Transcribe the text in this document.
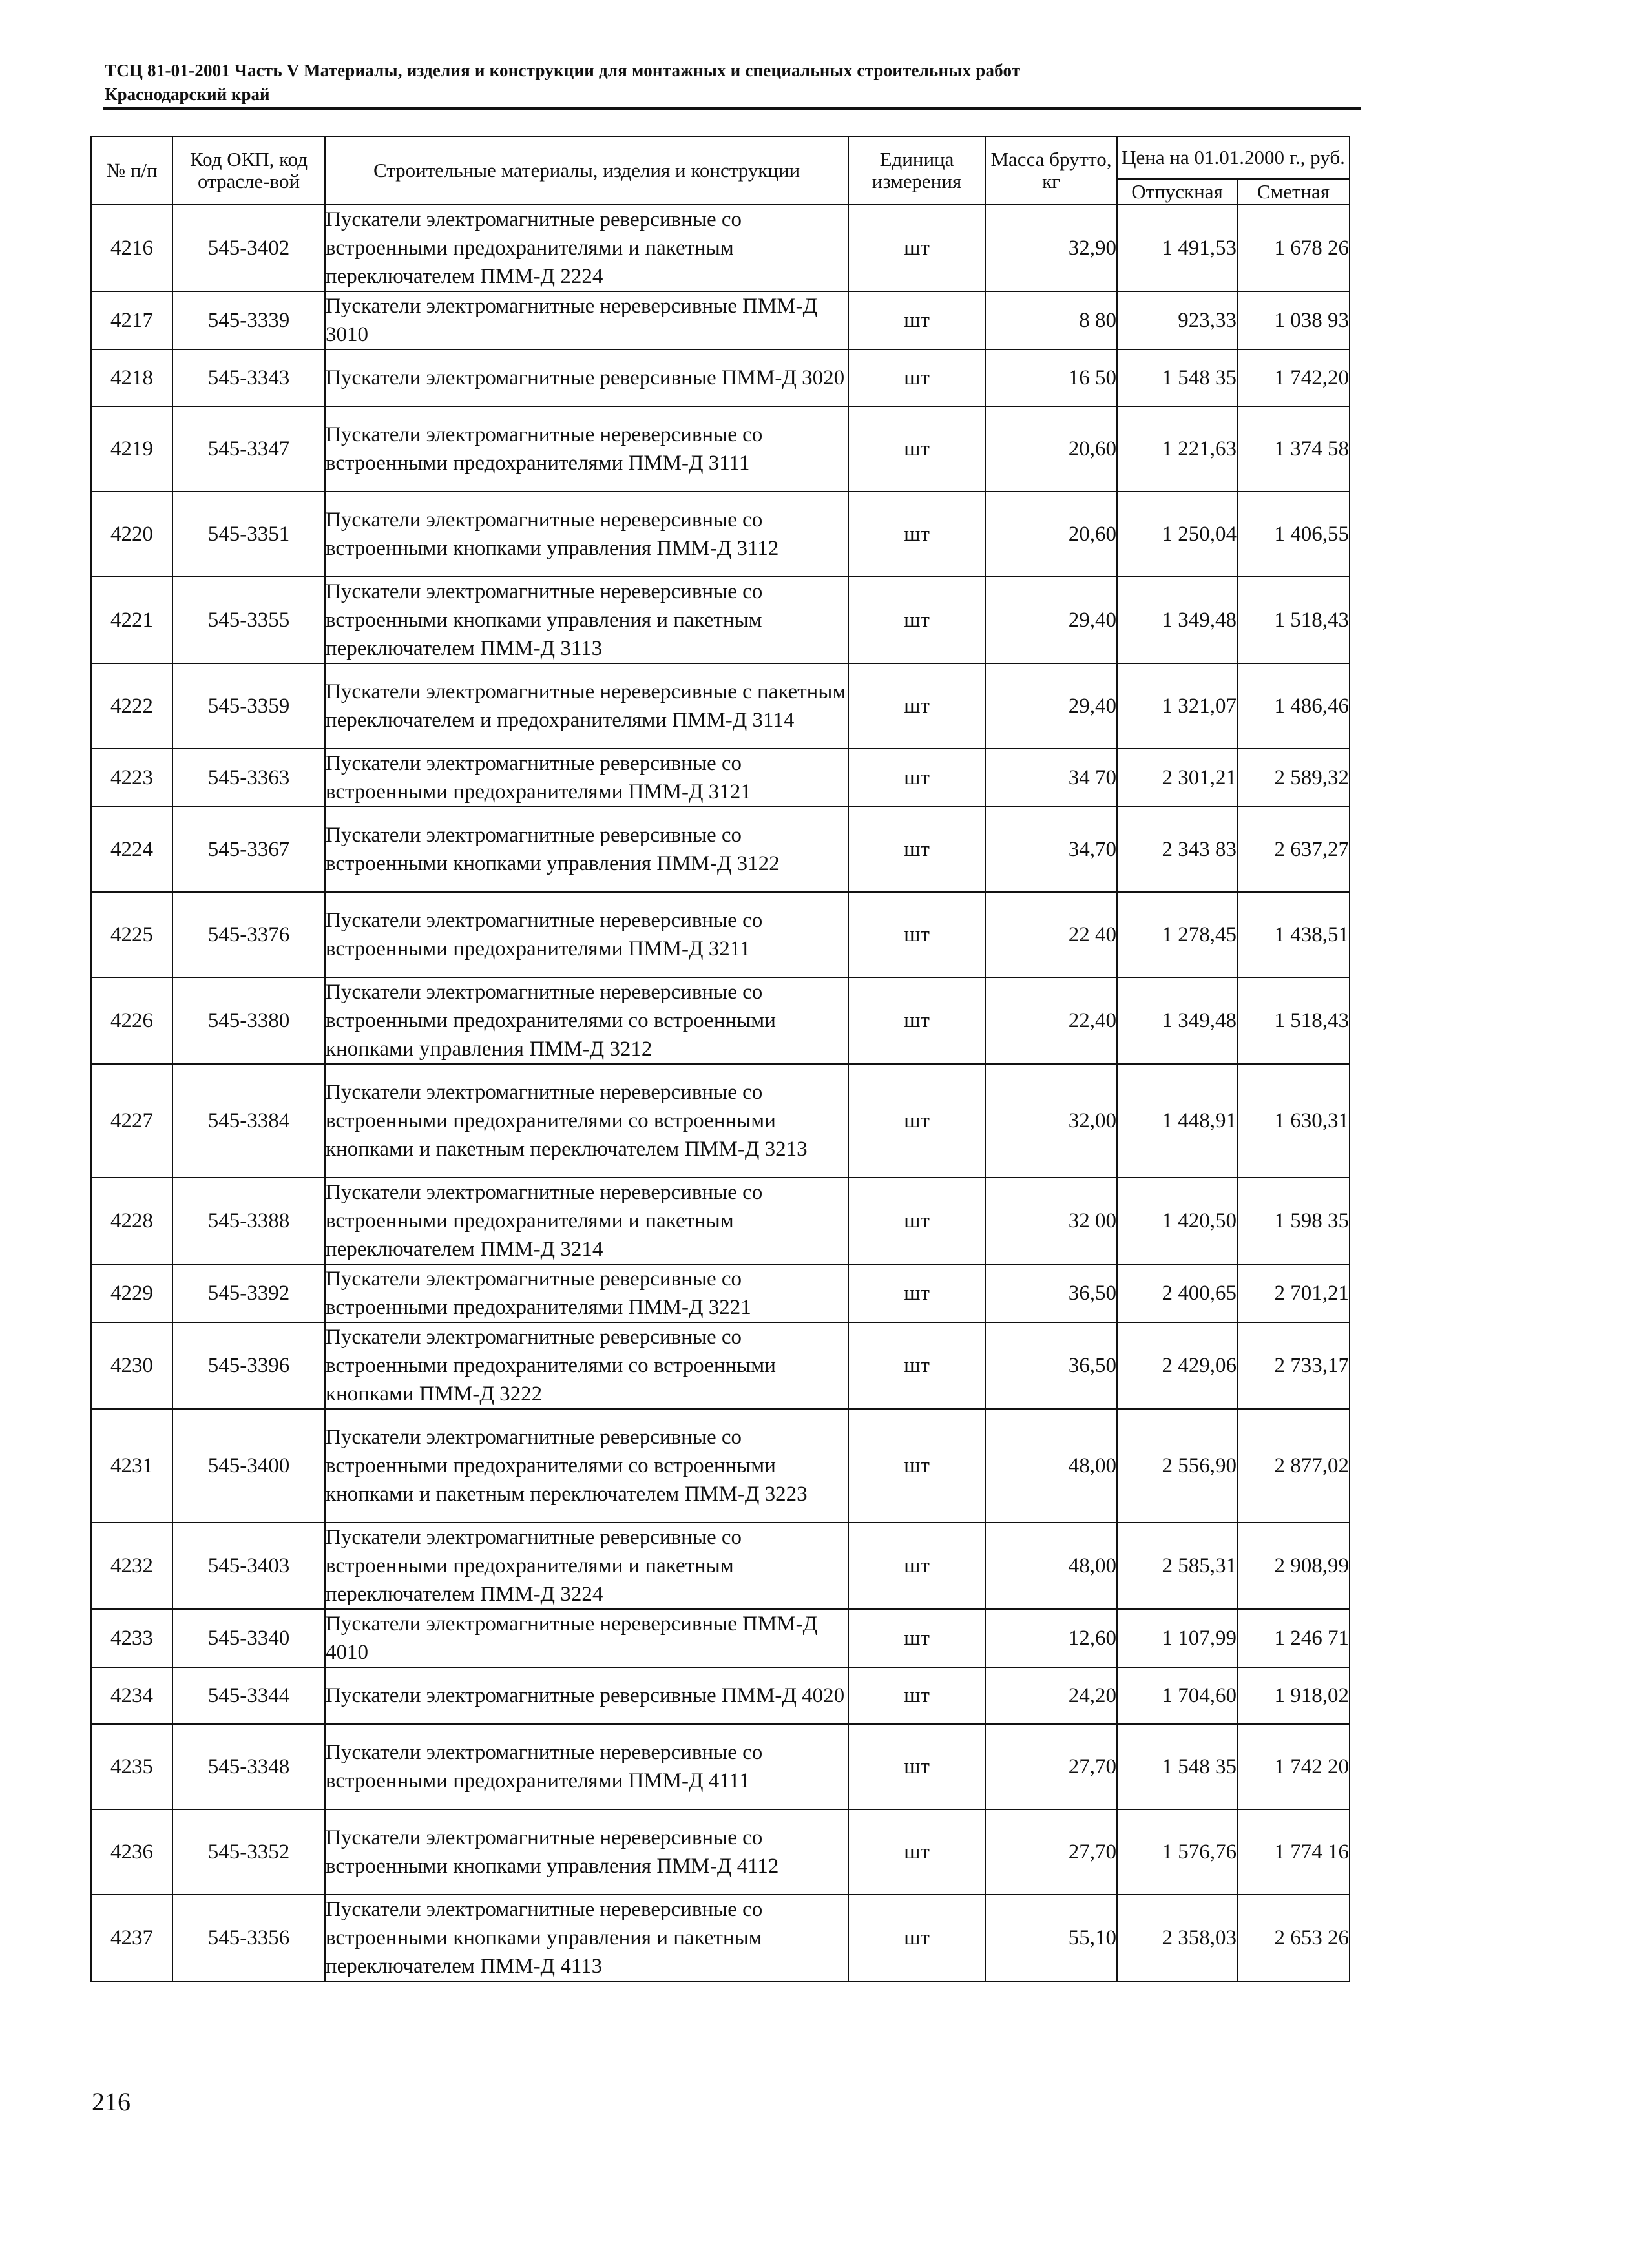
ТСЦ 81-01-2001 Часть V Материалы, изделия и конструкции для монтажных и специальных строительных работ
Краснодарский край
№ п/п	Код ОКП, код отрасле-вой	Строительные материалы, изделия и конструкции	Единица измерения	Масса брутто, кг	Цена на 01.01.2000 г., руб.	
					Отпускная	Сметная
4216	545-3402	Пускатели электромагнитные реверсивные со встроенными предохранителями и пакетным переключателем ПММ-Д 2224	шт	32,90	1 491,53	1 678 26
4217	545-3339	Пускатели электромагнитные нереверсивные ПММ-Д 3010	шт	8 80	923,33	1 038 93
4218	545-3343	Пускатели электромагнитные реверсивные ПММ-Д 3020	шт	16 50	1 548 35	1 742,20
4219	545-3347	Пускатели электромагнитные нереверсивные со встроенными предохранителями ПММ-Д 3111	шт	20,60	1 221,63	1 374 58
4220	545-3351	Пускатели электромагнитные нереверсивные со встроенными кнопками управления ПММ-Д 3112	шт	20,60	1 250,04	1 406,55
4221	545-3355	Пускатели электромагнитные нереверсивные со встроенными кнопками управления и пакетным переключателем ПММ-Д 3113	шт	29,40	1 349,48	1 518,43
4222	545-3359	Пускатели электромагнитные нереверсивные с пакетным переключателем и предохранителями ПММ-Д 3114	шт	29,40	1 321,07	1 486,46
4223	545-3363	Пускатели электромагнитные реверсивные со встроенными предохранителями ПММ-Д 3121	шт	34 70	2 301,21	2 589,32
4224	545-3367	Пускатели электромагнитные реверсивные со встроенными кнопками управления ПММ-Д 3122	шт	34,70	2 343 83	2 637,27
4225	545-3376	Пускатели электромагнитные нереверсивные со встроенными предохранителями ПММ-Д 3211	шт	22 40	1 278,45	1 438,51
4226	545-3380	Пускатели электромагнитные нереверсивные со встроенными предохранителями со встроенными кнопками управления ПММ-Д 3212	шт	22,40	1 349,48	1 518,43
4227	545-3384	Пускатели электромагнитные нереверсивные со встроенными предохранителями со встроенными кнопками и пакетным переключателем ПММ-Д 3213	шт	32,00	1 448,91	1 630,31
4228	545-3388	Пускатели электромагнитные нереверсивные со встроенными предохранителями и пакетным переключателем ПММ-Д 3214	шт	32 00	1 420,50	1 598 35
4229	545-3392	Пускатели электромагнитные реверсивные со встроенными предохранителями ПММ-Д 3221	шт	36,50	2 400,65	2 701,21
4230	545-3396	Пускатели электромагнитные реверсивные со встроенными предохранителями со встроенными кнопками ПММ-Д 3222	шт	36,50	2 429,06	2 733,17
4231	545-3400	Пускатели электромагнитные реверсивные со встроенными предохранителями со встроенными кнопками и пакетным переключателем ПММ-Д 3223	шт	48,00	2 556,90	2 877,02
4232	545-3403	Пускатели электромагнитные реверсивные со встроенными предохранителями и пакетным переключателем ПММ-Д 3224	шт	48,00	2 585,31	2 908,99
4233	545-3340	Пускатели электромагнитные нереверсивные ПММ-Д 4010	шт	12,60	1 107,99	1 246 71
4234	545-3344	Пускатели электромагнитные реверсивные ПММ-Д 4020	шт	24,20	1 704,60	1 918,02
4235	545-3348	Пускатели электромагнитные нереверсивные со встроенными предохранителями ПММ-Д 4111	шт	27,70	1 548 35	1 742 20
4236	545-3352	Пускатели электромагнитные нереверсивные со встроенными кнопками управления ПММ-Д 4112	шт	27,70	1 576,76	1 774 16
4237	545-3356	Пускатели электромагнитные нереверсивные со встроенными кнопками управления и пакетным переключателем ПММ-Д 4113	шт	55,10	2 358,03	2 653 26
216
